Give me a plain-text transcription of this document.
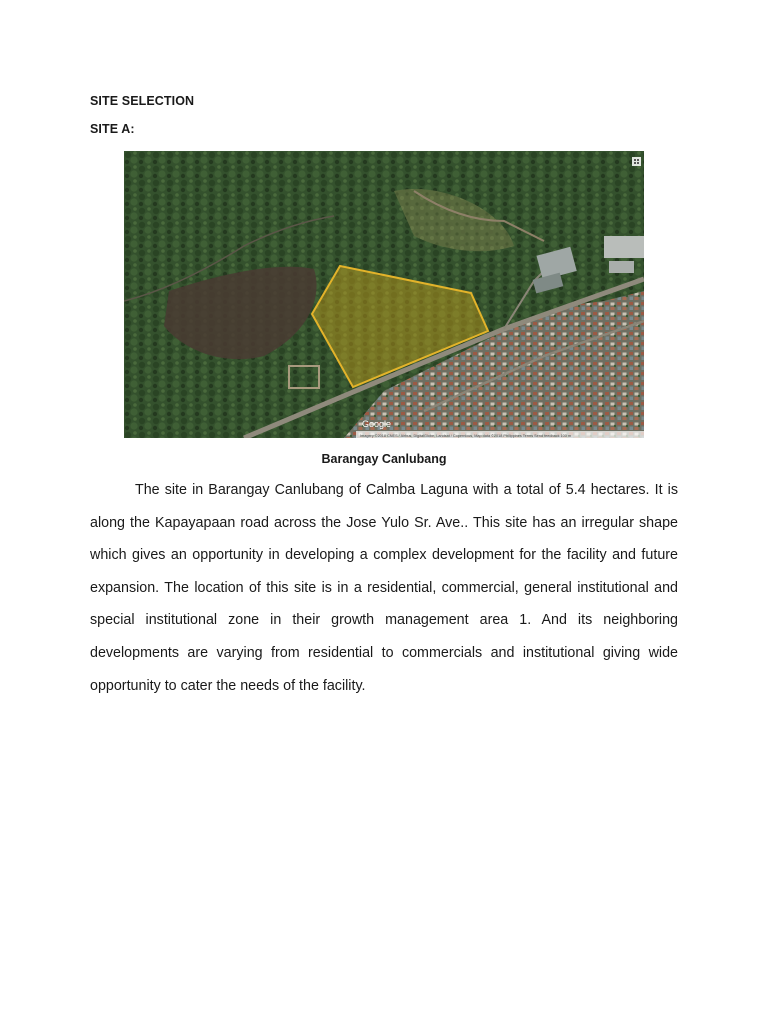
SITE SELECTION
SITE A:
Google
Imagery ©2018 CNES / Airbus, DigitalGlobe, Landsat / Copernicus, Map data ©2018 Philippines Terms Send feedback 100 m
Barangay Canlubang

The site in Barangay Canlubang of Calmba Laguna with a total of 5.4 hectares. It is along the Kapayapaan road across the Jose Yulo Sr. Ave.. This site has an irregular shape which gives an opportunity in developing a complex development for the facility and future expansion. The location of this site is in a residential, commercial, general institutional and special institutional zone in their growth management area 1. And its neighboring developments are varying from residential to commercials and institutional giving wide opportunity to cater the needs of the facility.
